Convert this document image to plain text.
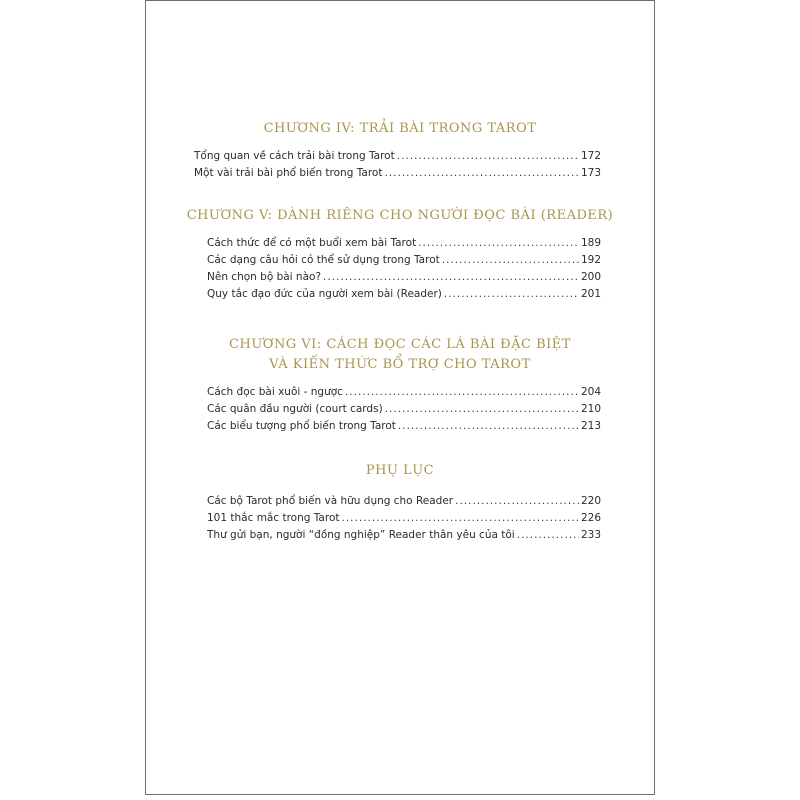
CHƯƠNG IV: TRẢI BÀI TRONG TAROT
Tổng quan về cách trải bài trong Tarot .....	172
Một vài trải bài phổ biến trong Tarot .....	173
CHƯƠNG V: DÀNH RIÊNG CHO NGƯỜI ĐỌC BÀI (READER)
Cách thức để có một buổi xem bài Tarot .....	189
Các dạng câu hỏi có thể sử dụng trong Tarot .....	192
Nên chọn bộ bài nào? .....	200
Quy tắc đạo đức của người xem bài (Reader) .....	201
CHƯƠNG VI: CÁCH ĐỌC CÁC LÁ BÀI ĐẶC BIỆT
VÀ KIẾN THỨC BỔ TRỢ CHO TAROT
Cách đọc bài xuôi - ngược .....	204
Các quân đầu người (court cards) .....	210
Các biểu tượng phổ biến trong Tarot .....	213
PHỤ LỤC
Các bộ Tarot phổ biến và hữu dụng cho Reader .....	220
101 thắc mắc trong Tarot .....	226
Thư gửi bạn, người “đồng nghiệp” Reader thân yêu của tôi .....	233
